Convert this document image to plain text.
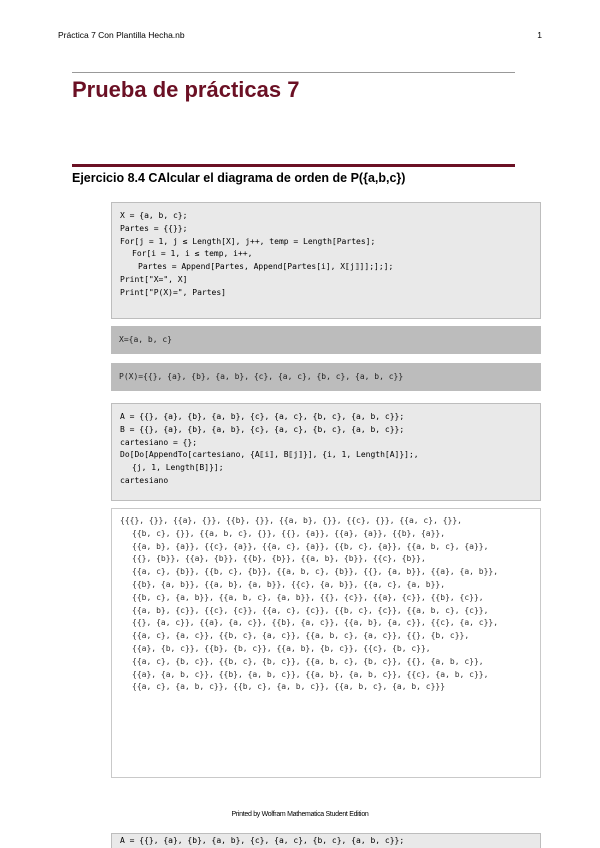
Práctica 7 Con Plantilla Hecha.nb	1
Prueba de prácticas 7
Ejercicio 8.4 CAlcular el diagrama de orden de P({a,b,c})
X = {a, b, c};
Partes = {{}};
For[j = 1, j ≤ Length[X], j++, temp = Length[Partes];
For[i = 1, i ≤ temp, i++,
Partes = Append[Partes, Append[Partes[i], X⟦j⟧]];];];
Print["X=", X]
Print["P(X)=", Partes]
X={a, b, c}
P(X)={{}, {a}, {b}, {a, b}, {c}, {a, c}, {b, c}, {a, b, c}}
A = {{}, {a}, {b}, {a, b}, {c}, {a, c}, {b, c}, {a, b, c}};
B = {{}, {a}, {b}, {a, b}, {c}, {a, c}, {b, c}, {a, b, c}};
cartesiano = {};
Do[Do[AppendTo[cartesiano, {A⟦i⟧, B⟦j⟧}], {i, 1, Length[A]}];,
{j, 1, Length[B]}];
cartesiano
{{{}, {}}, {{a}, {}}, {{b}, {}}, {{a, b}, {}}, {{c}, {}}, {{a, c}, {}},
{{b, c}, {}}, {{a, b, c}, {}}, {{}, {a}}, {{a}, {a}}, {{b}, {a}},
{{a, b}, {a}}, {{c}, {a}}, {{a, c}, {a}}, {{b, c}, {a}}, {{a, b, c}, {a}},
{{}, {b}}, {{a}, {b}}, {{b}, {b}}, {{a, b}, {b}}, {{c}, {b}},
{{a, c}, {b}}, {{b, c}, {b}}, {{a, b, c}, {b}}, {{}, {a, b}}, {{a}, {a, b}},
{{b}, {a, b}}, {{a, b}, {a, b}}, {{c}, {a, b}}, {{a, c}, {a, b}},
{{b, c}, {a, b}}, {{a, b, c}, {a, b}}, {{}, {c}}, {{a}, {c}}, {{b}, {c}},
{{a, b}, {c}}, {{c}, {c}}, {{a, c}, {c}}, {{b, c}, {c}}, {{a, b, c}, {c}},
{{}, {a, c}}, {{a}, {a, c}}, {{b}, {a, c}}, {{a, b}, {a, c}}, {{c}, {a, c}},
{{a, c}, {a, c}}, {{b, c}, {a, c}}, {{a, b, c}, {a, c}}, {{}, {b, c}},
{{a}, {b, c}}, {{b}, {b, c}}, {{a, b}, {b, c}}, {{c}, {b, c}},
{{a, c}, {b, c}}, {{b, c}, {b, c}}, {{a, b, c}, {b, c}}, {{}, {a, b, c}},
{{a}, {a, b, c}}, {{b}, {a, b, c}}, {{a, b}, {a, b, c}}, {{c}, {a, b, c}},
{{a, c}, {a, b, c}}, {{b, c}, {a, b, c}}, {{a, b, c}, {a, b, c}}}
A = {{}, {a}, {b}, {a, b}, {c}, {a, c}, {b, c}, {a, b, c}};
Printed by Wolfram Mathematica Student Edition
